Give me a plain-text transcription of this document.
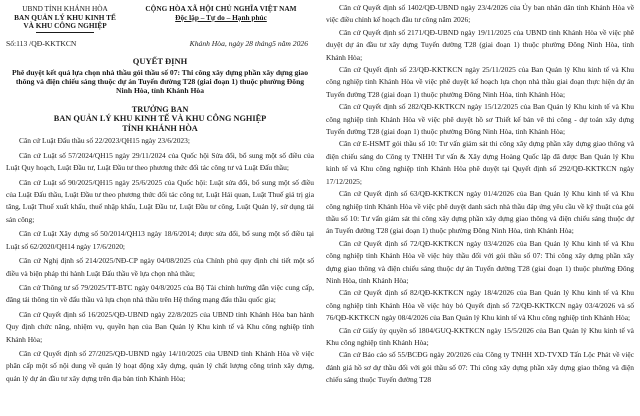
UBND TỈNH KHÁNH HÒA
BAN QUẢN LÝ KHU KINH TẾ
VÀ KHU CÔNG NGHIỆP
CỘNG HÒA XÃ HỘI CHỦ NGHĨA VIỆT NAM
Độc lập – Tự do – Hạnh phúc
Số:113 /QĐ-KKTKCN	Khánh Hòa, ngày 28 tháng5 năm 2026
QUYẾT ĐỊNH
Phê duyệt kết quả lựa chọn nhà thầu gói thầu số 07: Thi công xây dựng phần xây dựng giao thông và điện chiếu sáng thuộc dự án Tuyến đường T28 (giai đoạn 1) thuộc phường Đông Ninh Hòa, tỉnh Khánh Hòa
TRƯỞNG BAN
BAN QUẢN LÝ KHU KINH TẾ VÀ KHU CÔNG NGHIỆP
TỈNH KHÁNH HÒA

Căn cứ Luật Đấu thầu số 22/2023/QH15 ngày 23/6/2023;

Căn cứ Luật số 57/2024/QH15 ngày 29/11/2024 của Quốc hội Sửa đổi, bổ sung một số điều của Luật Quy hoạch, Luật Đầu tư, Luật Đầu tư theo phương thức đối tác công tư và Luật Đấu thầu;

Căn cứ Luật số 90/2025/QH15 ngày 25/6/2025 của Quốc hội: Luật sửa đổi, bổ sung một số điều của Luật Đấu thầu, Luật Đầu tư theo phương thức đối tác công tư, Luật Hải quan, Luật Thuế giá trị gia tăng, Luật Thuế xuất khẩu, thuế nhập khẩu, Luật Đầu tư, Luật Đầu tư công, Luật Quản lý, sử dụng tài sản công;

Căn cứ Luật Xây dựng số 50/2014/QH13 ngày 18/6/2014; được sửa đổi, bổ sung một số điều tại Luật số 62/2020/QH14 ngày 17/6/2020;

Căn cứ Nghị định số 214/2025/NĐ-CP ngày 04/08/2025 của Chính phủ quy định chi tiết một số điều và biện pháp thi hành Luật Đấu thầu về lựa chọn nhà thầu;

Căn cứ Thông tư số 79/2025/TT-BTC ngày 04/8/2025 của Bộ Tài chính hướng dẫn việc cung cấp, đăng tải thông tin về đấu thầu và lựa chọn nhà thầu trên Hệ thống mạng đấu thầu quốc gia;

Căn cứ Quyết định số 16/2025/QĐ-UBND ngày 22/8/2025 của UBND tỉnh Khánh Hòa ban hành Quy định chức năng, nhiệm vụ, quyền hạn của Ban Quản lý Khu kinh tế và Khu công nghiệp tỉnh Khánh Hòa;

Căn cứ Quyết định số 27/2025/QĐ-UBND ngày 14/10/2025 của UBND tỉnh Khánh Hòa về việc phân cấp một số nội dung về quản lý hoạt động xây dựng, quản lý chất lượng công trình xây dựng, quản lý dự án đầu tư xây dựng trên địa bàn tỉnh Khánh Hòa;

Căn cứ Quyết định số 1402/QĐ-UBND ngày 23/4/2026 của Ủy ban nhân dân tỉnh Khánh Hòa về việc điều chỉnh kế hoạch đầu tư công năm 2026;

Căn cứ Quyết định số 2171/QĐ-UBND ngày 19/11/2025 của UBND tỉnh Khánh Hòa về việc phê duyệt dự án đầu tư xây dựng Tuyến đường T28 (giai đoạn 1) thuộc phường Đông Ninh Hòa, tỉnh Khánh Hòa;

Căn cứ Quyết định số 23/QĐ-KKTKCN ngày 25/11/2025 của Ban Quản lý Khu kinh tế và Khu công nghiệp tỉnh Khánh Hòa về việc phê duyệt kế hoạch lựa chọn nhà thầu giai đoạn thực hiện dự án Tuyến đường T28 (giai đoạn 1) thuộc phường Đông Ninh Hòa, tỉnh Khánh Hòa;

Căn cứ Quyết định số 282/QĐ-KKTKCN ngày 15/12/2025 của Ban Quản lý Khu kinh tế và Khu công nghiệp tỉnh Khánh Hòa về việc phê duyệt hồ sơ Thiết kế bản vẽ thi công - dự toán xây dựng Tuyến đường T28 (giai đoạn 1) thuộc phường Đông Ninh Hòa, tỉnh Khánh Hòa;

Căn cứ E-HSMT gói thầu số 10: Tư vấn giám sát thi công xây dựng phần xây dựng giao thông và điện chiếu sáng do Công ty TNHH Tư vấn & Xây dựng Hoàng Quốc lập đã được Ban Quản lý Khu kinh tế và Khu công nghiệp tỉnh Khánh Hòa phê duyệt tại Quyết định số 292/QĐ-KKTKCN ngày 17/12/2025;

Căn cứ Quyết định số 63/QĐ-KKTKCN ngày 01/4/2026 của Ban Quản lý Khu kinh tế và Khu công nghiệp tỉnh Khánh Hòa về việc phê duyệt danh sách nhà thầu đáp ứng yêu cầu về kỹ thuật của gói thầu số 10: Tư vấn giám sát thi công xây dựng phần xây dựng giao thông và điện chiếu sáng thuộc dự án Tuyến đường T28 (giai đoạn 1) thuộc phường Đông Ninh Hòa, tỉnh Khánh Hòa;

Căn cứ Quyết định số 72/QĐ-KKTKCN ngày 03/4/2026 của Ban Quản lý Khu kinh tế và Khu công nghiệp tỉnh Khánh Hòa về việc hủy thầu đối với gói thầu số 07: Thi công xây dựng phần xây dựng giao thông và điện chiếu sáng thuộc dự án Tuyến đường T28 (giai đoạn 1) thuộc phường Đông Ninh Hòa, tỉnh Khánh Hòa;

Căn cứ Quyết định số 82/QĐ-KKTKCN ngày 18/4/2026 của Ban Quản lý Khu kinh tế và Khu công nghiệp tỉnh Khánh Hòa về việc hủy bỏ Quyết định số 72/QĐ-KKTKCN ngày 03/4/2026 và số 76/QĐ-KKTKCN ngày 08/4/2026 của Ban Quản lý Khu kinh tế và Khu công nghiệp tỉnh Khánh Hòa;

Căn cứ Giấy ủy quyền số 1804/GUQ-KKTKCN ngày 15/5/2026 của Ban Quản lý Khu kinh tế và Khu công nghiệp tỉnh Khánh Hòa;

Căn cứ Báo cáo số 55/BCĐG ngày 20/2026 của Công ty TNHH XD-TVXD Tấn Lộc Phát về việc đánh giá hồ sơ dự thầu đối với gói thầu số 07: Thi công xây dựng phần xây dựng giao thông và điện chiếu sáng thuộc Tuyến đường T28
